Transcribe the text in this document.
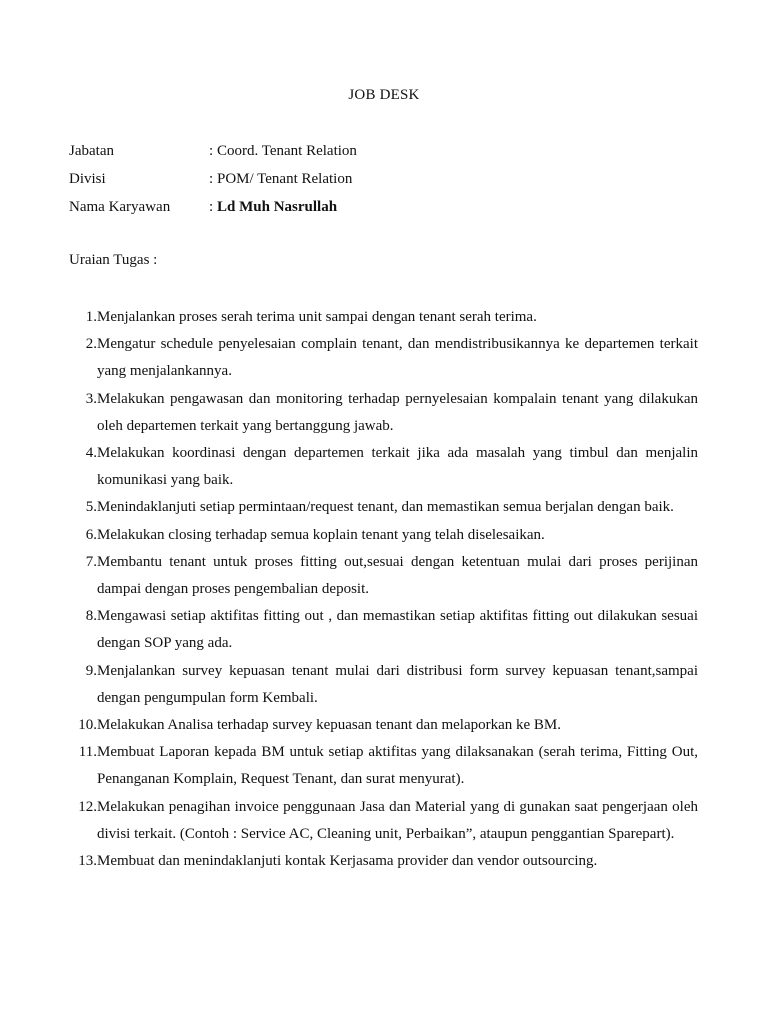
JOB DESK
Jabatan	: Coord. Tenant Relation
Divisi	: POM/ Tenant Relation
Nama Karyawan	: Ld Muh Nasrullah
Uraian Tugas :
1. Menjalankan proses serah terima unit sampai dengan tenant serah terima.
2. Mengatur schedule penyelesaian complain tenant, dan mendistribusikannya ke departemen terkait yang menjalankannya.
3. Melakukan pengawasan dan monitoring terhadap pernyelesaian kompalain tenant yang dilakukan oleh departemen terkait yang bertanggung jawab.
4. Melakukan koordinasi dengan departemen terkait jika ada masalah yang timbul dan menjalin komunikasi yang baik.
5. Menindaklanjuti setiap permintaan/request tenant, dan memastikan semua berjalan dengan baik.
6. Melakukan closing terhadap semua koplain tenant yang telah diselesaikan.
7. Membantu tenant untuk proses fitting out,sesuai dengan ketentuan mulai dari proses perijinan dampai dengan proses pengembalian deposit.
8. Mengawasi setiap aktifitas fitting out , dan memastikan setiap aktifitas fitting out dilakukan sesuai dengan SOP yang ada.
9. Menjalankan survey kepuasan tenant mulai dari distribusi form survey kepuasan tenant,sampai dengan pengumpulan form Kembali.
10. Melakukan Analisa terhadap survey kepuasan tenant dan melaporkan ke BM.
11. Membuat Laporan kepada BM untuk setiap aktifitas yang dilaksanakan (serah terima, Fitting Out, Penanganan Komplain, Request Tenant, dan surat menyurat).
12. Melakukan penagihan invoice penggunaan Jasa dan Material yang di gunakan saat pengerjaan oleh divisi terkait. (Contoh : Service AC, Cleaning unit, Perbaikan”, ataupun penggantian Sparepart).
13. Membuat dan menindaklanjuti kontak Kerjasama provider dan vendor outsourcing.
